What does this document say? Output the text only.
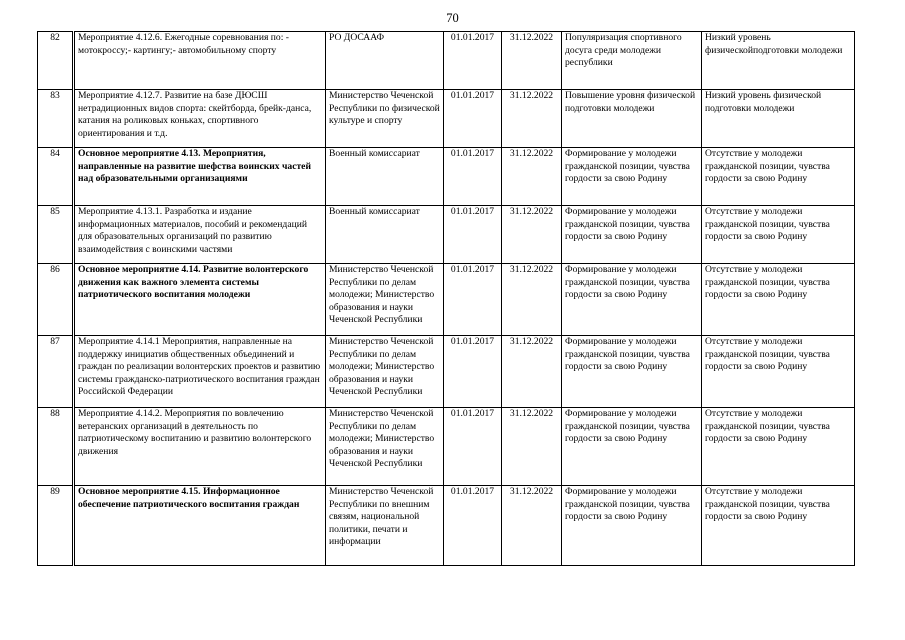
70
82	Мероприятие 4.12.6. Ежегодные соревнования по: - мотокроссу;- картингу;- автомобильному спорту	РО ДОСААФ	01.01.2017	31.12.2022	Популяризация спортивного досуга среди молодежи республики	Низкий уровень физическойподготовки молодежи
83	Мероприятие 4.12.7. Развитие на базе ДЮСШ нетрадиционных видов спорта: скейтборда, брейк-данса, катания на роликовых коньках, спортивного ориентирования и т.д.	Министерство Чеченской Республики по физической культуре и спорту	01.01.2017	31.12.2022	Повышение уровня физической подготовки молодежи	Низкий уровень физической подготовки молодежи
84	Основное мероприятие 4.13. Мероприятия, направленные на развитие шефства воинских частей над образовательными организациями	Военный комиссариат	01.01.2017	31.12.2022	Формирование у молодежи гражданской позиции, чувства гордости за свою Родину	Отсутствие у молодежи гражданской позиции, чувства гордости за свою Родину
85	Мероприятие 4.13.1. Разработка и издание информационных материалов, пособий и рекомендаций для образовательных организаций по развитию взаимодействия с воинскими частями	Военный комиссариат	01.01.2017	31.12.2022	Формирование у молодежи гражданской позиции, чувства гордости за свою Родину	Отсутствие у молодежи гражданской позиции, чувства гордости за свою Родину
86	Основное мероприятие 4.14. Развитие волонтерского движения как важного элемента системы патриотического воспитания молодежи	Министерство Чеченской Республики по делам молодежи; Министерство образования и науки Чеченской Республики	01.01.2017	31.12.2022	Формирование у молодежи гражданской позиции, чувства гордости за свою Родину	Отсутствие у молодежи гражданской позиции, чувства гордости за свою Родину
87	Мероприятие 4.14.1 Мероприятия, направленные на поддержку инициатив общественных объединений и граждан по реализации волонтерских проектов и развитию системы гражданско-патриотического воспитания граждан Российской Федерации	Министерство Чеченской Республики по делам молодежи; Министерство образования и науки Чеченской Республики	01.01.2017	31.12.2022	Формирование у молодежи гражданской позиции, чувства гордости за свою Родину	Отсутствие у молодежи гражданской позиции, чувства гордости за свою Родину
88	Мероприятие 4.14.2. Мероприятия по вовлечению ветеранских организаций в деятельность по патриотическому воспитанию и развитию волонтерского движения	Министерство Чеченской Республики по делам молодежи; Министерство образования и науки Чеченской Республики	01.01.2017	31.12.2022	Формирование у молодежи гражданской позиции, чувства гордости за свою Родину	Отсутствие у молодежи гражданской позиции, чувства гордости за свою Родину
89	Основное мероприятие 4.15. Информационное обеспечение патриотического воспитания граждан	Министерство Чеченской Республики по внешним связям, национальной политики, печати и информации	01.01.2017	31.12.2022	Формирование у молодежи гражданской позиции, чувства гордости за свою Родину	Отсутствие у молодежи гражданской позиции, чувства гордости за свою Родину
